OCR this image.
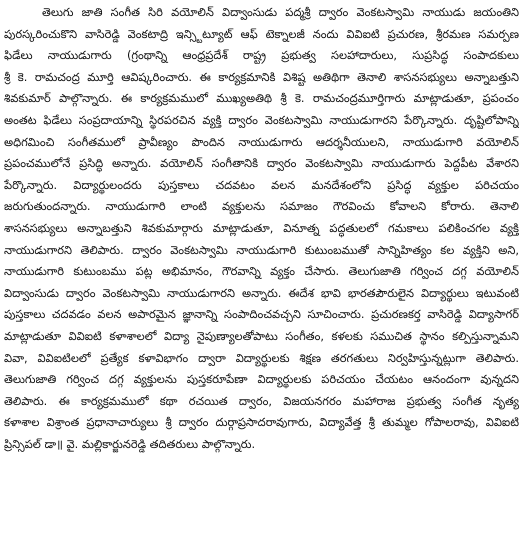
తెలుగు జాతి సంగీత సిరి వయోలిన్ విద్వాంసుడు పద్మశ్రీ ద్వారం వెంకటస్వామి నాయుడు జయంతిని
పురస్కరించుకొని వాసిరెడ్డి వెంకటాద్రి ఇన్స్టిట్యూట్ ఆఫ్ టెక్నాలజీ నందు వివిఐటి ప్రచురణ, శ్రీరమణ సమర్పణ
ఫిడేలు నాయుడుగారు (గ్రంథాన్ని ఆంధ్రప్రదేశ్ రాష్ట్ర ప్రభుత్వ సలహాదారులు, సుప్రసిద్ధ సంపాదకులు
శ్రీ కె. రామచంద్ర మూర్తి ఆవిష్కరించారు. ఈ కార్యక్రమానికి విశిష్ట అతిథిగా తెనాలి శాసనసభ్యులు అన్నాబత్తుని
శివకుమార్ పాల్గొన్నారు. ఈ కార్యక్రమములో ముఖ్యఅతిథి శ్రీ కె. రామచంద్రమూర్తిగారు మాట్లాడుతూ, ప్రపంచం
అంతట ఫిడేలు సంప్రదాయాన్ని స్థిరపరచిన వ్యక్తి ద్వారం వెంకటస్వామి నాయుడుగారని పేర్కొన్నారు. దృష్టిలోపాన్ని
అధిగమించి సంగీతములో ప్రావీణ్యం పొందిన నాయుడుగారు ఆదర్శనీయులని, నాయుడుగారి వయోలిన్
ప్రపంచములోనే ప్రసిద్ధి అన్నారు. వయోలిన్ సంగీతానికి ద్వారం వెంకటస్వామి నాయుడుగారు పెద్దపీట వేశారని
పేర్కొన్నారు. విద్యార్థులందరు పుస్తకాలు చదవటం వలన మనదేశంలోని ప్రసిద్ధ వ్యక్తుల పరిచయం
జరుగుతుందన్నారు. నాయుడుగారి లాంటి వ్యక్తులను సమాజం గౌరవించు కోవాలని కోరారు. తెనాలి
శాసనసభ్యులు అన్నాబత్తుని శివకుమార్గారు మాట్లాడుతూ, వినూత్న పద్ధతులలో గమకాలు పలికించగల వ్యక్తి
నాయుడుగారని తెలిపారు. ద్వారం వెంకటస్వామి నాయుడుగారి కుటుంబముతో సాన్నిహిత్యం కల వ్యక్తిని అని,
నాయుడుగారి కుటుంబము పట్ల అభిమానం, గౌరవాన్ని వ్యక్తం చేసారు. తెలుగుజాతి గర్వించ దగ్గ వయోలిన్
విద్వాంసుడు ద్వారం వెంకటస్వామి నాయుడుగారని అన్నారు. ఈదేశ భావి భారతపౌరులైన విద్యార్థులు ఇటువంటి
పుస్తకాలు చదవడం వలన అపారమైన జ్ఞానాన్ని సంపాదించవచ్చని సూచించారు. ప్రచురణకర్త వాసిరెడ్డి విద్యాసాగర్
మాట్లాడుతూ వివిఐటి కళాశాలలో విద్యా నైపుణ్యాలతోపాటు సంగీతం, కళలకు సముచిత స్థానం కల్పిస్తున్నామని
వివా, వివిఐటిలలో ప్రత్యేక కళావిభాగం ద్వారా విద్యార్థులకు శిక్షణ తరగతులు నిర్వహిస్తున్నట్లుగా తెలిపారు.
తెలుగుజాతి గర్వించ దగ్గ వ్యక్తులను పుస్తకరూపేణా విద్యార్థులకు పరిచయం చేయటం ఆనందంగా వున్నదని
తెలిపారు. ఈ కార్యక్రమములో కథా రచయిత ద్వారం, విజయనగరం మహారాజ ప్రభుత్వ సంగీత నృత్య
కళాశాల విశ్రాంత ప్రధానాచార్యులు శ్రీ ద్వారం దుర్గాప్రసాదరావుగారు, విద్యావేత్త శ్రీ తుమ్మల గోపాలరావు, వివిఐటి
ప్రిన్సిపల్ డా॥ వై. మల్లికార్జునరెడ్డి తదితరులు పాల్గొన్నారు.
